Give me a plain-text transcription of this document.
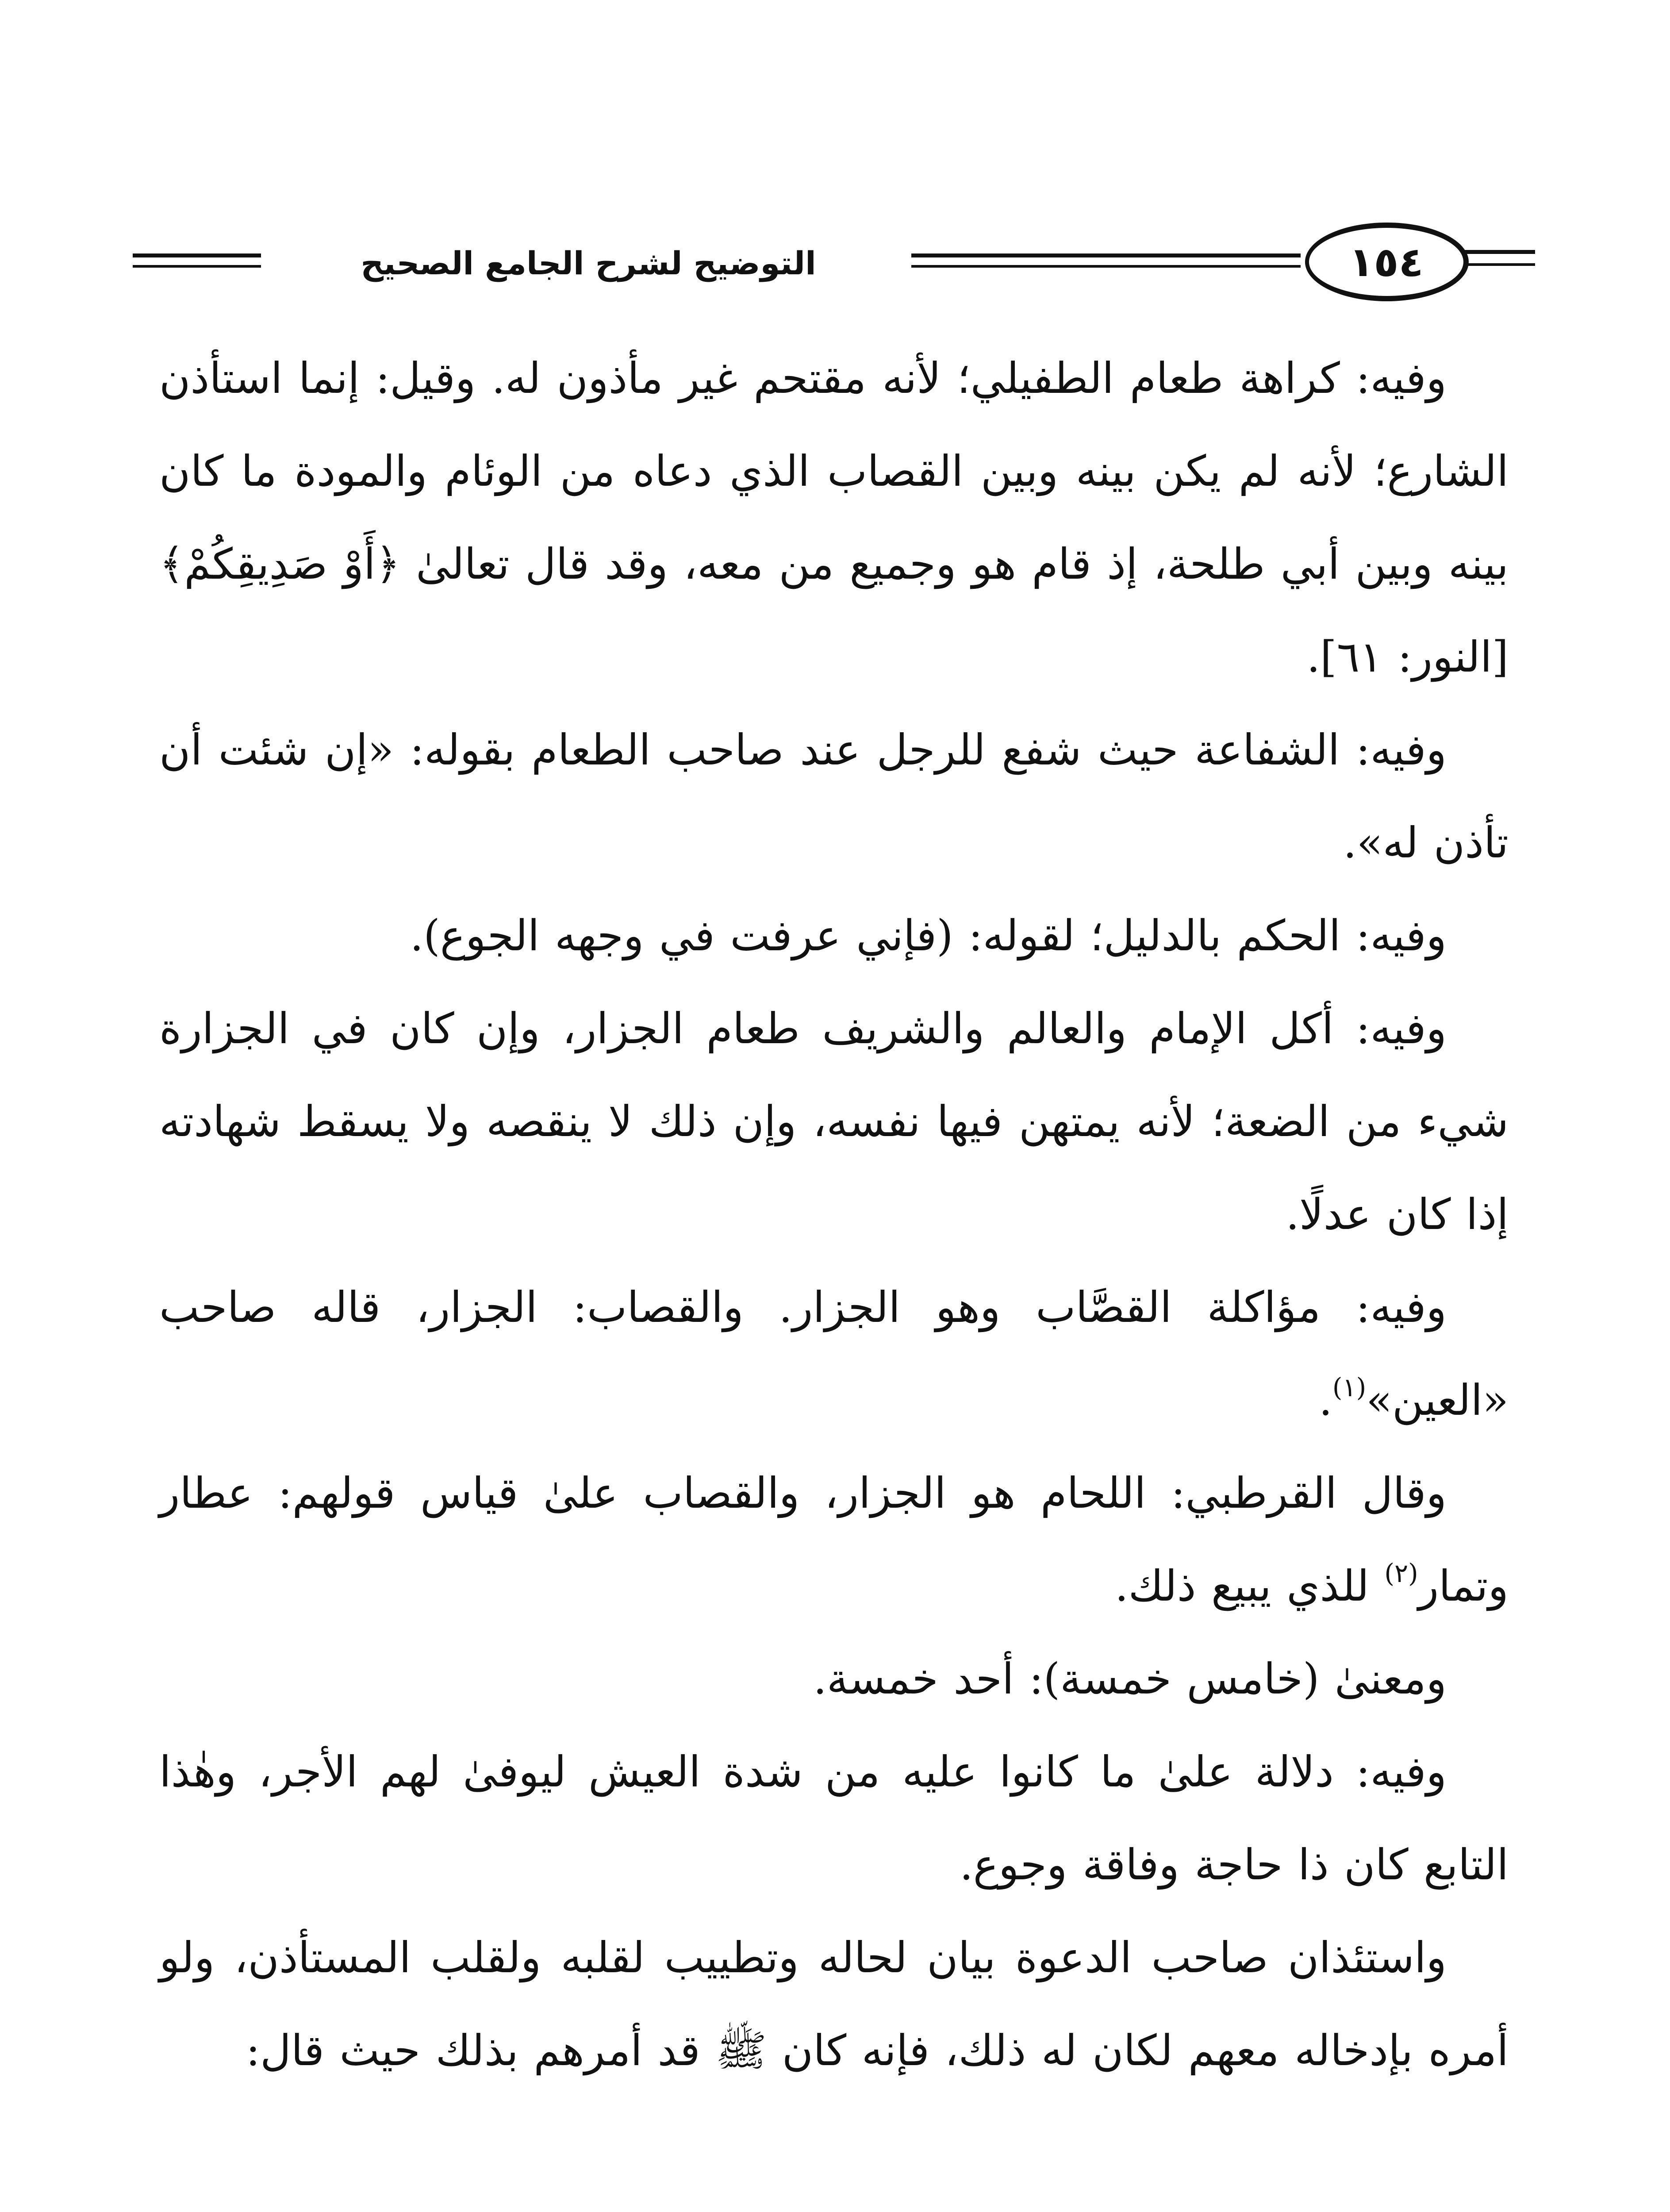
١٥٤
التوضيح لشرح الجامع الصحيح

وفيه: كراهة طعام الطفيلي؛ لأنه مقتحم غير مأذون له. وقيل: إنما استأذن الشارع؛ لأنه لم يكن بينه وبين القصاب الذي دعاه من الوئام والمودة ما كان بينه وبين أبي طلحة، إذ قام هو وجميع من معه، وقد قال تعالىٰ ﴿أَوْ صَدِيقِكُمْ﴾ [النور: ٦١].

وفيه: الشفاعة حيث شفع للرجل عند صاحب الطعام بقوله: «إن شئت أن تأذن له».

وفيه: الحكم بالدليل؛ لقوله: (فإني عرفت في وجهه الجوع).

وفيه: أكل الإمام والعالم والشريف طعام الجزار، وإن كان في الجزارة شيء من الضعة؛ لأنه يمتهن فيها نفسه، وإن ذلك لا ينقصه ولا يسقط شهادته إذا كان عدلًا.

وفيه: مؤاكلة القصَّاب وهو الجزار. والقصاب: الجزار، قاله صاحب «العين»$^{(١)}$.

وقال القرطبي: اللحام هو الجزار، والقصاب علىٰ قياس قولهم: عطار وتمار$^{(٢)}$ للذي يبيع ذلك.

ومعنىٰ (خامس خمسة): أحد خمسة.

وفيه: دلالة علىٰ ما كانوا عليه من شدة العيش ليوفىٰ لهم الأجر، وهٰذا التابع كان ذا حاجة وفاقة وجوع.

واستئذان صاحب الدعوة بيان لحاله وتطييب لقلبه ولقلب المستأذن، ولو أمره بإدخاله معهم لكان له ذلك، فإنه كان ﷺ قد أمرهم بذلك حيث قال:
